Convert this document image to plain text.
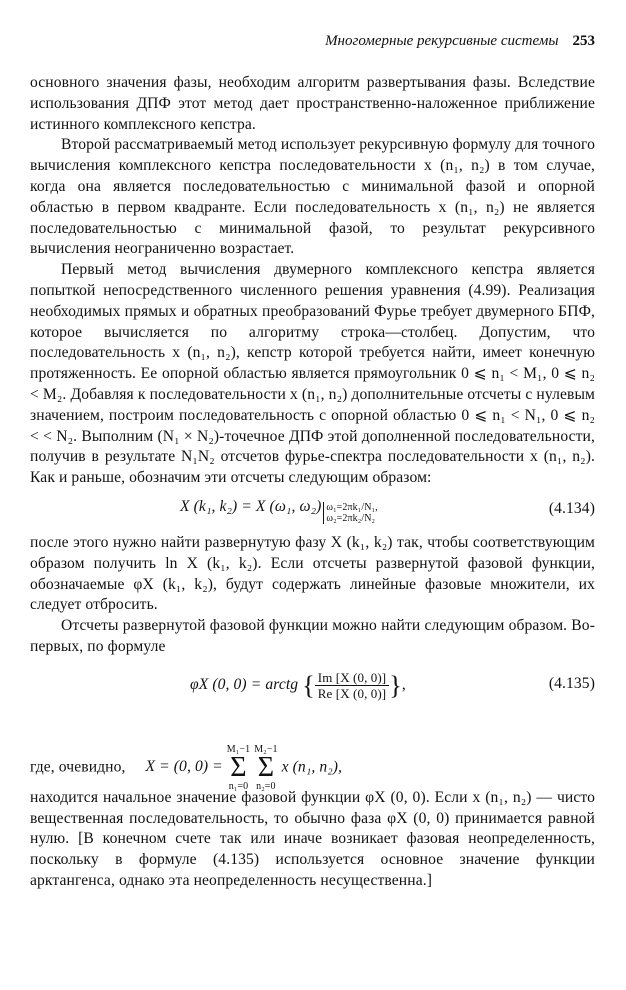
Многомерные рекурсивные системы 253

основного значения фазы, необходим алгоритм развертывания фазы. Вследствие использования ДПФ этот метод дает пространственно-наложенное приближение истинного комплексного кепстра.

Второй рассматриваемый метод использует рекурсивную формулу для точного вычисления комплексного кепстра последовательности x (n₁, n₂) в том случае, когда она является последовательностью с минимальной фазой и опорной областью в первом квадранте. Если последовательность x (n₁, n₂) не является последовательностью с минимальной фазой, то результат рекурсивного вычисления неограниченно возрастает.

Первый метод вычисления двумерного комплексного кепстра является попыткой непосредственного численного решения уравнения (4.99). Реализация необходимых прямых и обратных преобразований Фурье требует двумерного БПФ, которое вычисляется по алгоритму строка—столбец. Допустим, что последовательность x (n₁, n₂), кепстр которой требуется найти, имеет конечную протяженность. Ее опорной областью является прямоугольник 0 ⩽ n₁ < M₁, 0 ⩽ n₂ < M₂. Добавляя к последовательности x (n₁, n₂) дополнительные отсчеты с нулевым значением, построим последовательность с опорной областью 0 ⩽ n₁ < N₁, 0 ⩽ n₂ < < N₂. Выполним (N₁ × N₂)-точечное ДПФ этой дополненной последовательности, получив в результате N₁N₂ отсчетов фурье-спектра последовательности x (n₁, n₂). Как и раньше, обозначим эти отсчеты следующим образом:

X (k₁, k₂) = X (ω₁, ω₂) ω₁=2πk₁/N₁,
ω₂=2πk₂/N₂
(4.134)

после этого нужно найти развернутую фазу X (k₁, k₂) так, чтобы соответствующим образом получить ln X (k₁, k₂). Если отсчеты развернутой фазовой функции, обозначаемые φX (k₁, k₂), будут содержать линейные фазовые множители, их следует отбросить.

Отсчеты развернутой фазовой функции можно найти следующим образом. Во-первых, по формуле

φX (0, 0) = arctg { $\frac{Im [X (0, 0)]}{Re [X (0, 0)]}$ },	(4.135)
где, очевидно, X = (0, 0) =
M₁−1
Σ
n₁=0

M₂−1
Σ
n₂=0
x (n₁, n₂),

находится начальное значение фазовой функции φX (0, 0). Если x (n₁, n₂) — чисто вещественная последовательность, то обычно фаза φX (0, 0) принимается равной нулю. [В конечном счете так или иначе возникает фазовая неопределенность, поскольку в формуле (4.135) используется основное значение функции арктангенса, однако эта неопределенность несущественна.]
